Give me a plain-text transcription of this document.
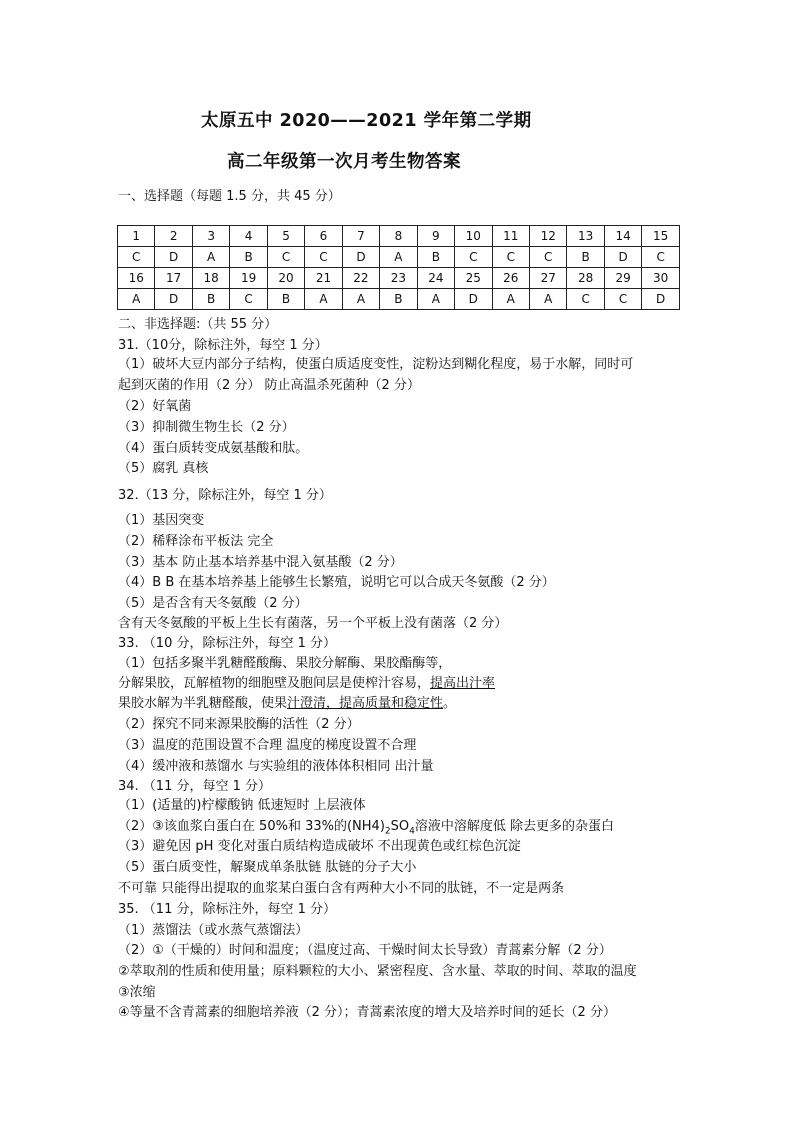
太原五中 2020——2021 学年第二学期
高二年级第一次月考生物答案
一、选择题（每题 1.5 分，共 45 分）
1	2	3	4	5	6	7	8	9	10	11	12	13	14	15
C	D	A	B	C	C	D	A	B	C	C	C	B	D	C
16	17	18	19	20	21	22	23	24	25	26	27	28	29	30
A	D	B	C	B	A	A	B	A	D	A	A	C	C	D
二、非选择题:（共 55 分）
31.（10分，除标注外，每空 1 分）
（1）破坏大豆内部分子结构，使蛋白质适度变性，淀粉达到糊化程度，易于水解，同时可
起到灭菌的作用（2 分） 防止高温杀死菌种（2 分）
（2）好氧菌
（3）抑制微生物生长（2 分）
（4）蛋白质转变成氨基酸和肽。
（5）腐乳 真核
32.（13 分，除标注外，每空 1 分）
（1）基因突变
（2）稀释涂布平板法 完全
（3）基本 防止基本培养基中混入氨基酸（2 分）
（4）B B 在基本培养基上能够生长繁殖，说明它可以合成天冬氨酸（2 分）
（5）是否含有天冬氨酸（2 分）
含有天冬氨酸的平板上生长有菌落，另一个平板上没有菌落（2 分）
33. （10 分，除标注外，每空 1 分）
（1）包括多聚半乳糖醛酸酶、果胶分解酶、果胶酯酶等，
分解果胶，瓦解植物的细胞壁及胞间层是使榨汁容易，提高出汁率
果胶水解为半乳糖醛酸，使果汁澄清，提高质量和稳定性。
（2）探究不同来源果胶酶的活性（2 分）
（3）温度的范围设置不合理 温度的梯度设置不合理
（4）缓冲液和蒸馏水 与实验组的液体体积相同 出汁量
34. （11 分，每空 1 分）
（1）(适量的)柠檬酸钠 低速短时 上层液体
（2）③该血浆白蛋白在 50%和 33%的$(NH4)_2SO_4$溶液中溶解度低 除去更多的杂蛋白
（3）避免因 pH 变化对蛋白质结构造成破坏 不出现黄色或红棕色沉淀
（5）蛋白质变性，解聚成单条肽链 肽链的分子大小
不可靠 只能得出提取的血浆某白蛋白含有两种大小不同的肽链，不一定是两条
35. （11 分，除标注外，每空 1 分）
（1）蒸馏法（或水蒸气蒸馏法）
（2）①（干燥的）时间和温度；（温度过高、干燥时间太长导致）青蒿素分解（2 分）
②萃取剂的性质和使用量；原料颗粒的大小、紧密程度、含水量、萃取的时间、萃取的温度
③浓缩
④等量不含青蒿素的细胞培养液（2 分）；青蒿素浓度的增大及培养时间的延长（2 分）
